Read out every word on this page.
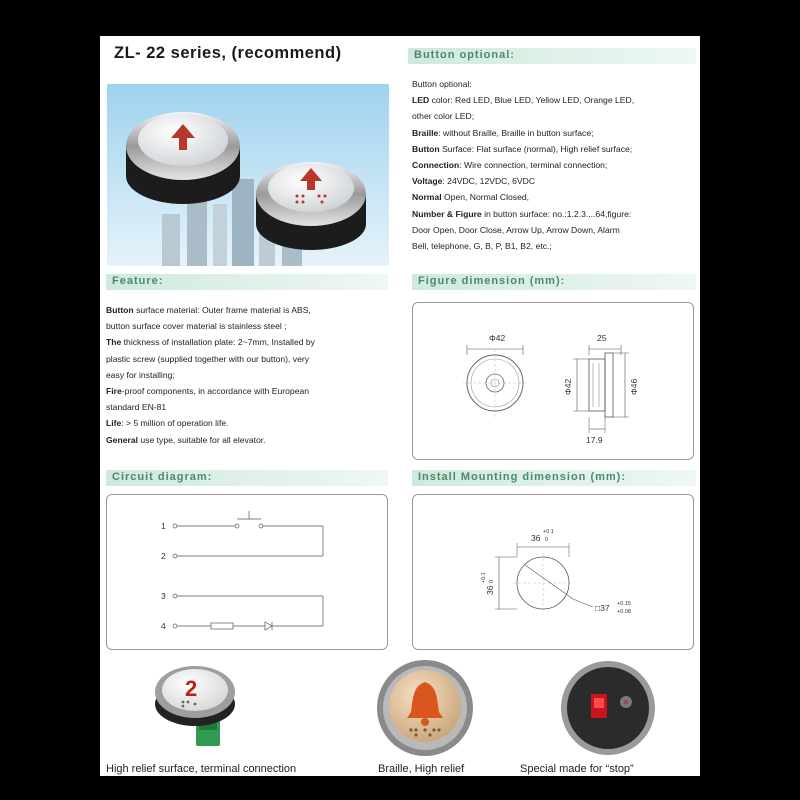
ZL- 22 series, (recommend)	Button optional:
Button optional:
LED color: Red LED, Blue LED, Yellow LED, Orange LED,
other color LED;
Braille: without Braille, Braille in button surface;
Button Surface: Flat surface (normal), High relief surface;
Connection: Wire connection, terminal connection;
Voltage: 24VDC, 12VDC, 6VDC
Normal Open, Normal Closed,
Number & Figure in button surface: no.:1.2.3....64,figure:
Door Open, Door Close, Arrow Up, Arrow Down, Alarm
Bell, telephone, G, B, P, B1, B2, etc.;
Feature:	Figure dimension (mm):
Button surface material: Outer frame material is ABS,
button surface cover material is stainless steel ;
The thickness of installation plate: 2~7mm, Installed by
plastic screw (supplied together with our button), very
easy for installing;
Fire-proof components, in accordance with European
standard EN-81
Life: > 5 million of operation life.
General use type, suitable for all elevator.
Φ42	25
Φ42	Φ46
17.9
Circuit diagram:	Install Mounting dimension (mm):
1
2
3
4
36
+0.1
0
36
+0.1 0
□37 +0.15
+0.08
2
✕
High relief surface, terminal connection	Braille, High relief	Special made for “stop”
